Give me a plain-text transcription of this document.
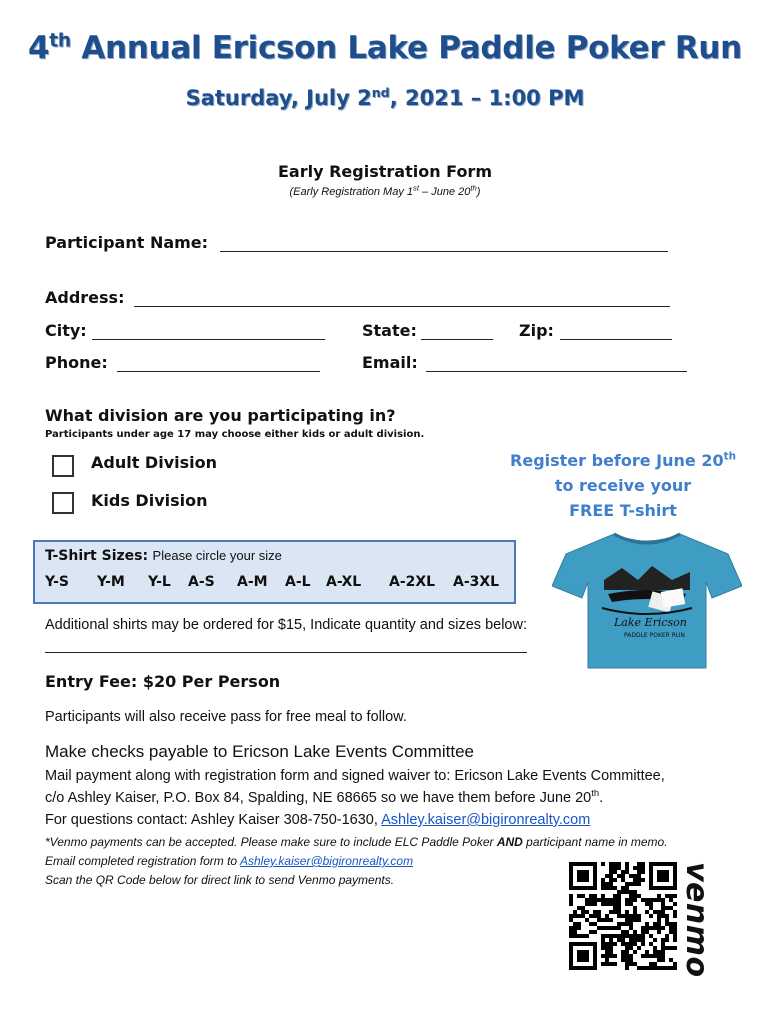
4th Annual Ericson Lake Paddle Poker Run
Saturday, July 2nd, 2021 – 1:00 PM
Early Registration Form
(Early Registration May 1st – June 20th)
Participant Name:
Address:
City:	State:	Zip:
Phone:	Email:
What division are you participating in?
Participants under age 17 may choose either kids or adult division.
Adult Division
Kids Division
Register before June 20th
to receive your
FREE T-shirt
T-Shirt Sizes: Please circle your size
Y-S Y-M Y-L A-S A-M A-L A-XL A-2XL A-3XL
Lake Ericson
PADDLE POKER RUN
Additional shirts may be ordered for $15, Indicate quantity and sizes below:
Entry Fee: $20 Per Person
Participants will also receive pass for free meal to follow.
Make checks payable to Ericson Lake Events Committee
Mail payment along with registration form and signed waiver to: Ericson Lake Events Committee,
c/o Ashley Kaiser, P.O. Box 84, Spalding, NE 68665 so we have them before June 20th.
For questions contact: Ashley Kaiser 308-750-1630, Ashley.kaiser@bigironrealty.com
*Venmo payments can be accepted. Please make sure to include ELC Paddle Poker AND participant name in memo.
Email completed registration form to Ashley.kaiser@bigironrealty.com
Scan the QR Code below for direct link to send Venmo payments.	venmo
